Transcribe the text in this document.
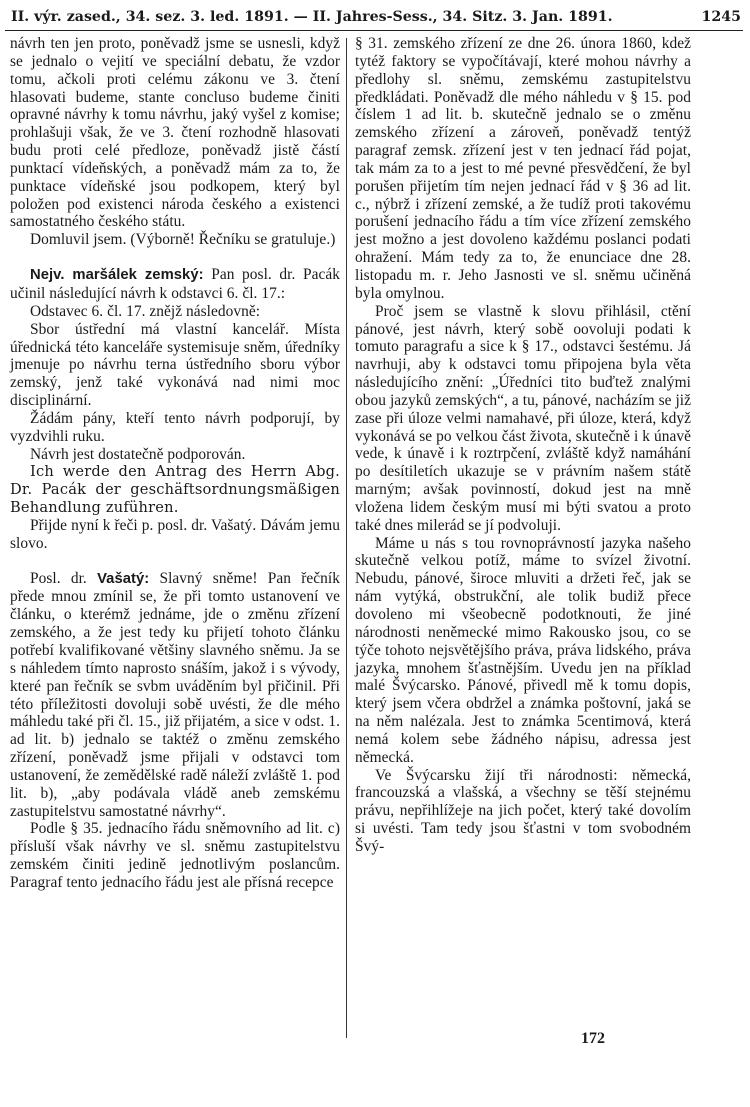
II. výr. zased., 34. sez. 3. led. 1891. — II. Jahres-Sess., 34. Sitz. 3. Jan. 1891.	1245

návrh ten jen proto, poněvadž jsme se usnesli, když se jednalo o vejití ve speciální debatu, že vzdor tomu, ačkoli proti celému zákonu ve 3. čtení hlasovati budeme, stante concluso budeme činiti opravné návrhy k tomu návrhu, jaký vyšel z komise; prohlašuji však, že ve 3. čtení rozhodně hlasovati budu proti celé předloze, poněvadž jistě částí punktací vídeňských, a poněvadž mám za to, že punktace vídeňské jsou podkopem, který byl položen pod existenci národa českého a existenci samostatného českého státu.

Domluvil jsem. (Výborně! Řečníku se gratuluje.)

Nejv. maršálek zemský: Pan posl. dr. Pacák učinil následující návrh k odstavci 6. čl. 17.:

Odstavec 6. čl. 17. znějž následovně:

Sbor ústřední má vlastní kancelář. Místa úřednická této kanceláře systemisuje sněm, úředníky jmenuje po návrhu terna ústředního sboru výbor zemský, jenž také vykonává nad nimi moc disciplinární.

Žádám pány, kteří tento návrh podporují, by vyzdvihli ruku.

Návrh jest dostatečně podporován.

Ich werde den Antrag des Herrn Abg. Dr. Pacák der geschäftsordnungsmäßigen Behandlung zuführen.

Přijde nyní k řeči p. posl. dr. Vašatý. Dávám jemu slovo.

Posl. dr. Vašatý: Slavný sněme! Pan řečník přede mnou zmínil se, že při tomto ustanovení ve článku, o kterémž jednáme, jde o změnu zřízení zemského, a že jest tedy ku přijetí tohoto článku potřebí kvalifikované většiny slavného sněmu. Ja se s náhledem tímto naprosto snáším, jakož i s vývody, které pan řečník se svbm uváděním byl přičinil. Při této příležitosti dovoluji sobě uvésti, že dle mého máhledu také při čl. 15., již přijatém, a sice v odst. 1. ad lit. b) jednalo se taktéž o změnu zemského zřízení, poněvadž jsme přijali v odstavci tom ustanovení, že zemědělské radě náleží zvláště 1. pod lit. b), „aby podávala vládě aneb zemskému zastupitelstvu samostatné návrhy“.

Podle § 35. jednacího řádu sněmovního ad lit. c) přísluší však návrhy ve sl. sněmu zastupitelstvu zemském činiti jedině jednotlivým poslancům. Paragraf tento jednacího řádu jest ale přísná recepce

§ 31. zemského zřízení ze dne 26. února 1860, kdež tytéž faktory se vypočítávají, které mohou návrhy a předlohy sl. sněmu, zemskému zastupitelstvu předkládati. Poněvadž dle mého náhledu v § 15. pod číslem 1 ad lit. b. skutečně jednalo se o změnu zemského zřízení a zároveň, poněvadž tentýž paragraf zemsk. zřízení jest v ten jednací řád pojat, tak mám za to a jest to mé pevné přesvědčení, že byl porušen přijetím tím nejen jednací řád v § 36 ad lit. c., nýbrž i zřízení zemské, a že tudíž proti takovému porušení jednacího řádu a tím více zřízení zemského jest možno a jest dovoleno každému poslanci podati ohražení. Mám tedy za to, že enunciace dne 28. listopadu m. r. Jeho Jasnosti ve sl. sněmu učiněná byla omylnou.

Proč jsem se vlastně k slovu přihlásil, ctění pánové, jest návrh, který sobě oovoluji podati k tomuto paragrafu a sice k § 17., odstavci šestému. Já navrhuji, aby k odstavci tomu připojena byla věta následujícího znění: „Úředníci tito buďtež znalými obou jazyků zemských“, a tu, pánové, nacházím se již zase při úloze velmi namahavé, při úloze, která, když vykonává se po velkou část života, skutečně i k únavě vede, k únavě i k roztrpčení, zvláště když namáhání po desítiletích ukazuje se v právním našem státě marným; avšak povinností, dokud jest na mně vložena lidem českým musí mi býti svatou a proto také dnes milerád se jí podvoluji.

Máme u nás s tou rovnoprávností jazyka našeho skutečně velkou potíž, máme to svízel životní. Nebudu, pánové, široce mluviti a držeti řeč, jak se nám vytýká, obstrukční, ale tolik budiž přece dovoleno mi všeobecně podotknouti, že jiné národnosti neněmecké mimo Rakousko jsou, co se týče tohoto nejsvětějšího práva, práva lidského, práva jazyka, mnohem šťastnějším. Uvedu jen na příklad malé Švýcarsko. Pánové, přivedl mě k tomu dopis, který jsem včera obdržel a známka poštovní, jaká se na něm nalézala. Jest to známka 5centimová, která nemá kolem sebe žádného nápisu, adressa jest německá.

Ve Švýcarsku žijí tři národnosti: německá, francouzská a vlašská, a všechny se těší stejnému právu, nepřihlížeje na jich počet, který také dovolím si uvésti. Tam tedy jsou šťastni v tom svobodném Švý-

172
